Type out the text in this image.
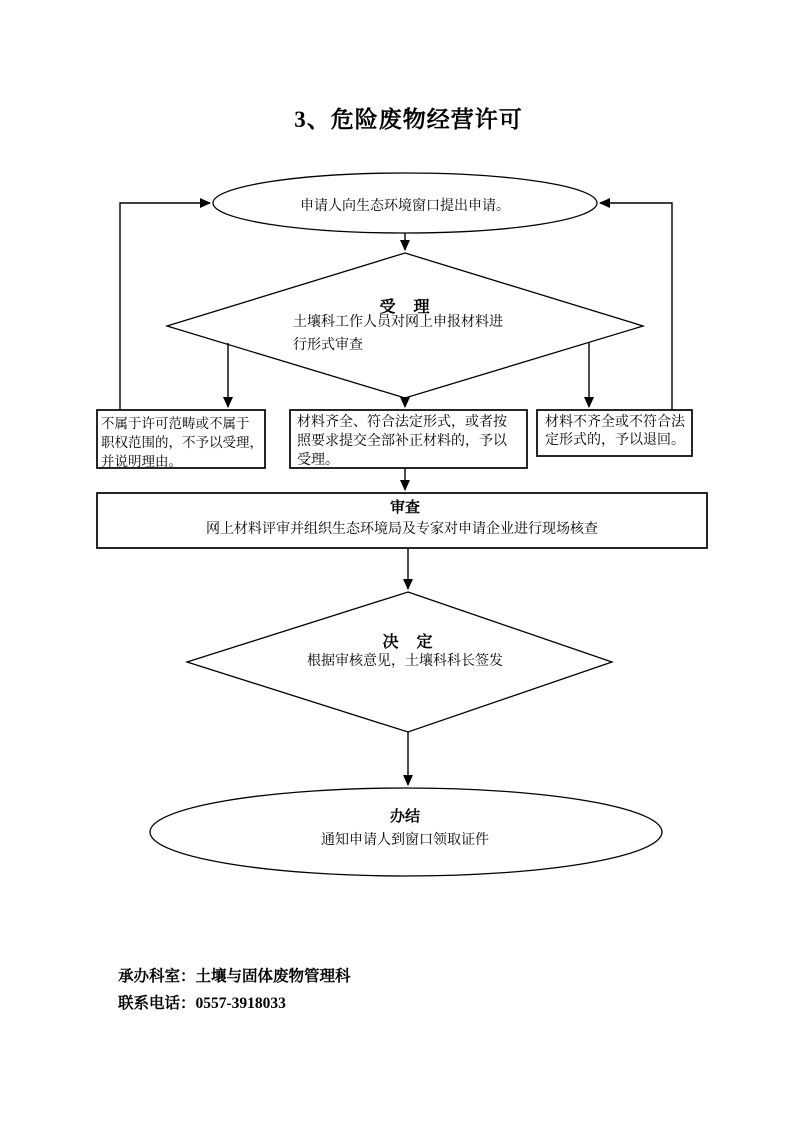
3、危险废物经营许可
申请人向生态环境窗口提出申请。
受　理
土壤科工作人员对网上申报材料进
行形式审查
不属于许可范畴或不属于
职权范围的，不予以受理，
并说明理由。
材料齐全、符合法定形式，或者按
照要求提交全部补正材料的，予以
受理。
材料不齐全或不符合法
定形式的，予以退回。
审查
网上材料评审并组织生态环境局及专家对申请企业进行现场核查
决　定
根据审核意见，土壤科科长签发
办结
通知申请人到窗口领取证件
承办科室：土壤与固体废物管理科
联系电话：0557-3918033
